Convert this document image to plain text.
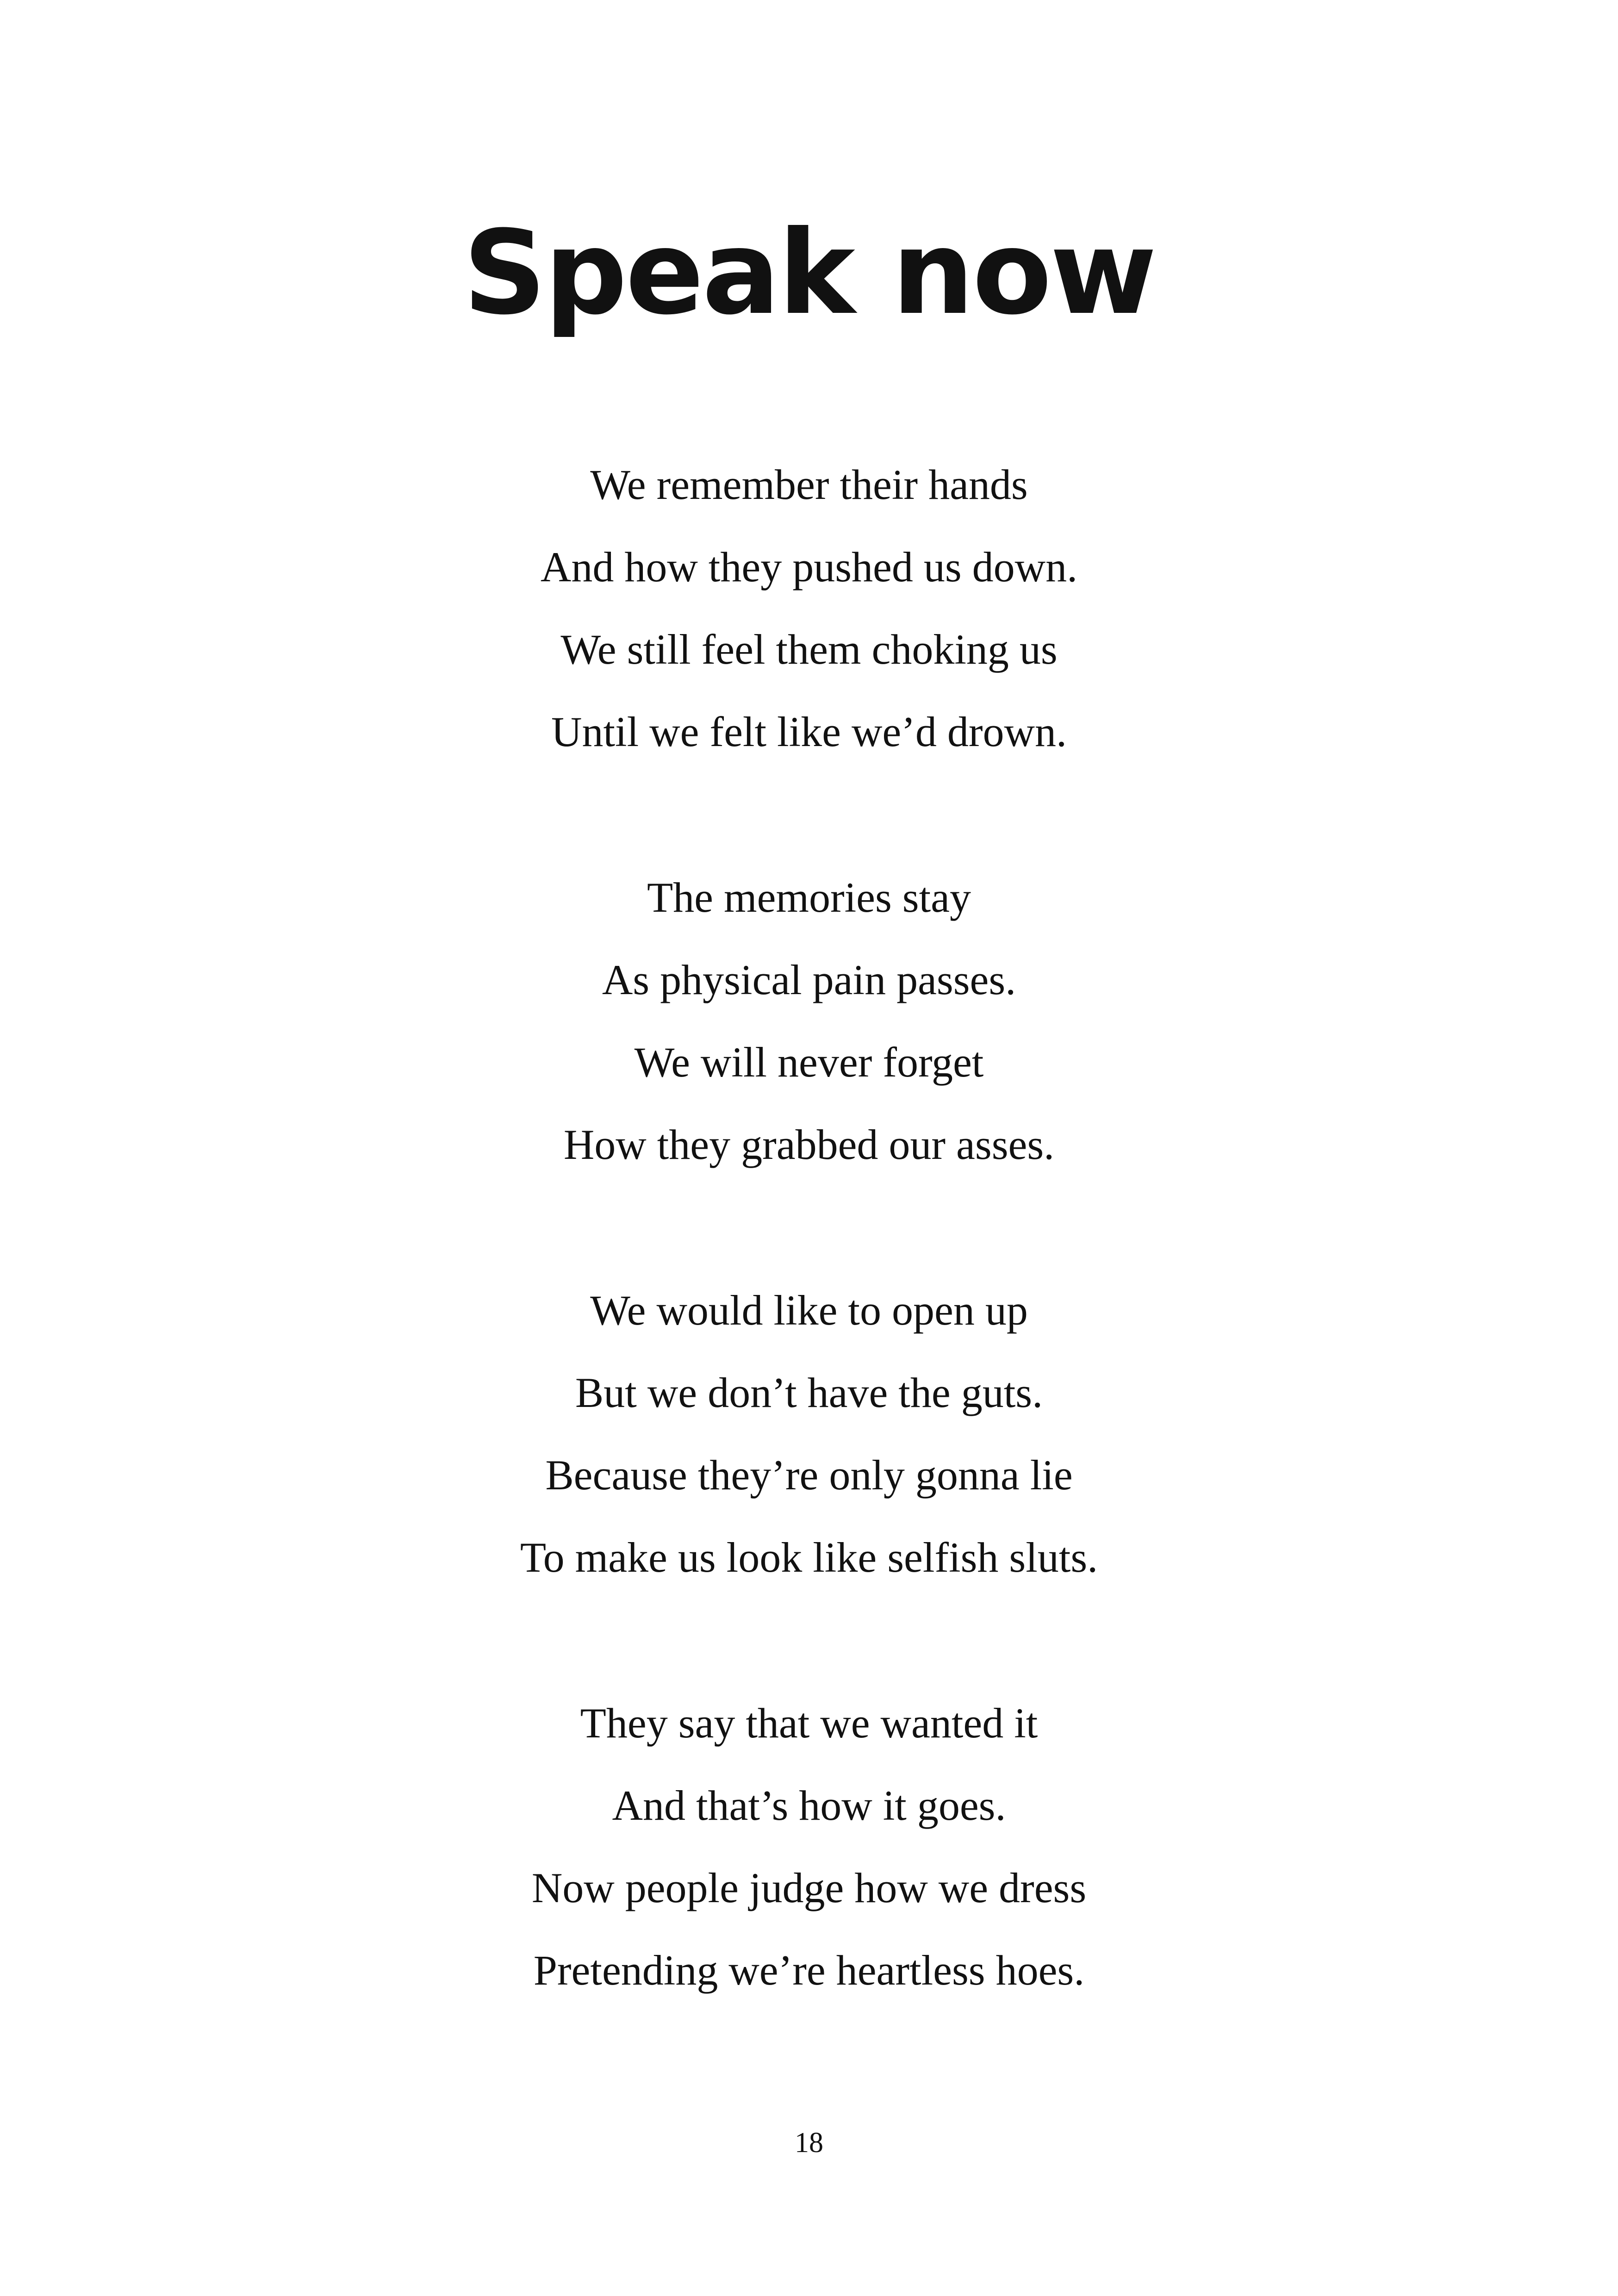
Speak now
We remember their hands
And how they pushed us down.
We still feel them choking us
Until we felt like we’d drown.
The memories stay
As physical pain passes.
We will never forget
How they grabbed our asses.
We would like to open up
But we don’t have the guts.
Because they’re only gonna lie
To make us look like selfish sluts.
They say that we wanted it
And that’s how it goes.
Now people judge how we dress
Pretending we’re heartless hoes.
18
